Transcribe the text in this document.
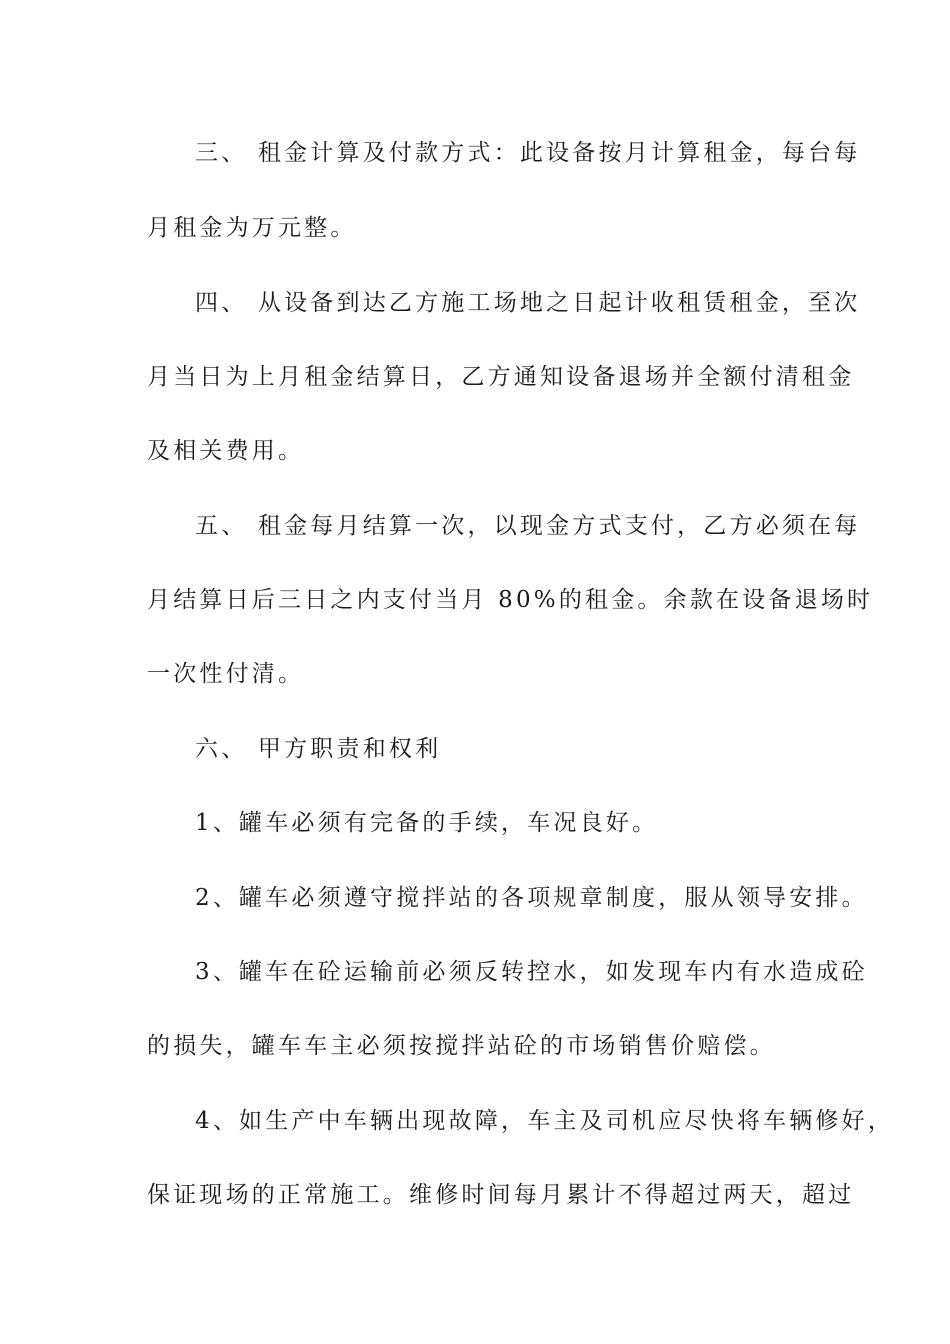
三、 租金计算及付款方式：此设备按月计算租金，每台每
月租金为万元整。
四、 从设备到达乙方施工场地之日起计收租赁租金，至次
月当日为上月租金结算日，乙方通知设备退场并全额付清租金
及相关费用。
五、 租金每月结算一次，以现金方式支付，乙方必须在每
月结算日后三日之内支付当月 80%的租金。余款在设备退场时
一次性付清。
六、 甲方职责和权利
1、罐车必须有完备的手续，车况良好。
2、罐车必须遵守搅拌站的各项规章制度，服从领导安排。
3、罐车在砼运输前必须反转控水，如发现车内有水造成砼
的损失，罐车车主必须按搅拌站砼的市场销售价赔偿。
4、如生产中车辆出现故障，车主及司机应尽快将车辆修好，
保证现场的正常施工。维修时间每月累计不得超过两天，超过
